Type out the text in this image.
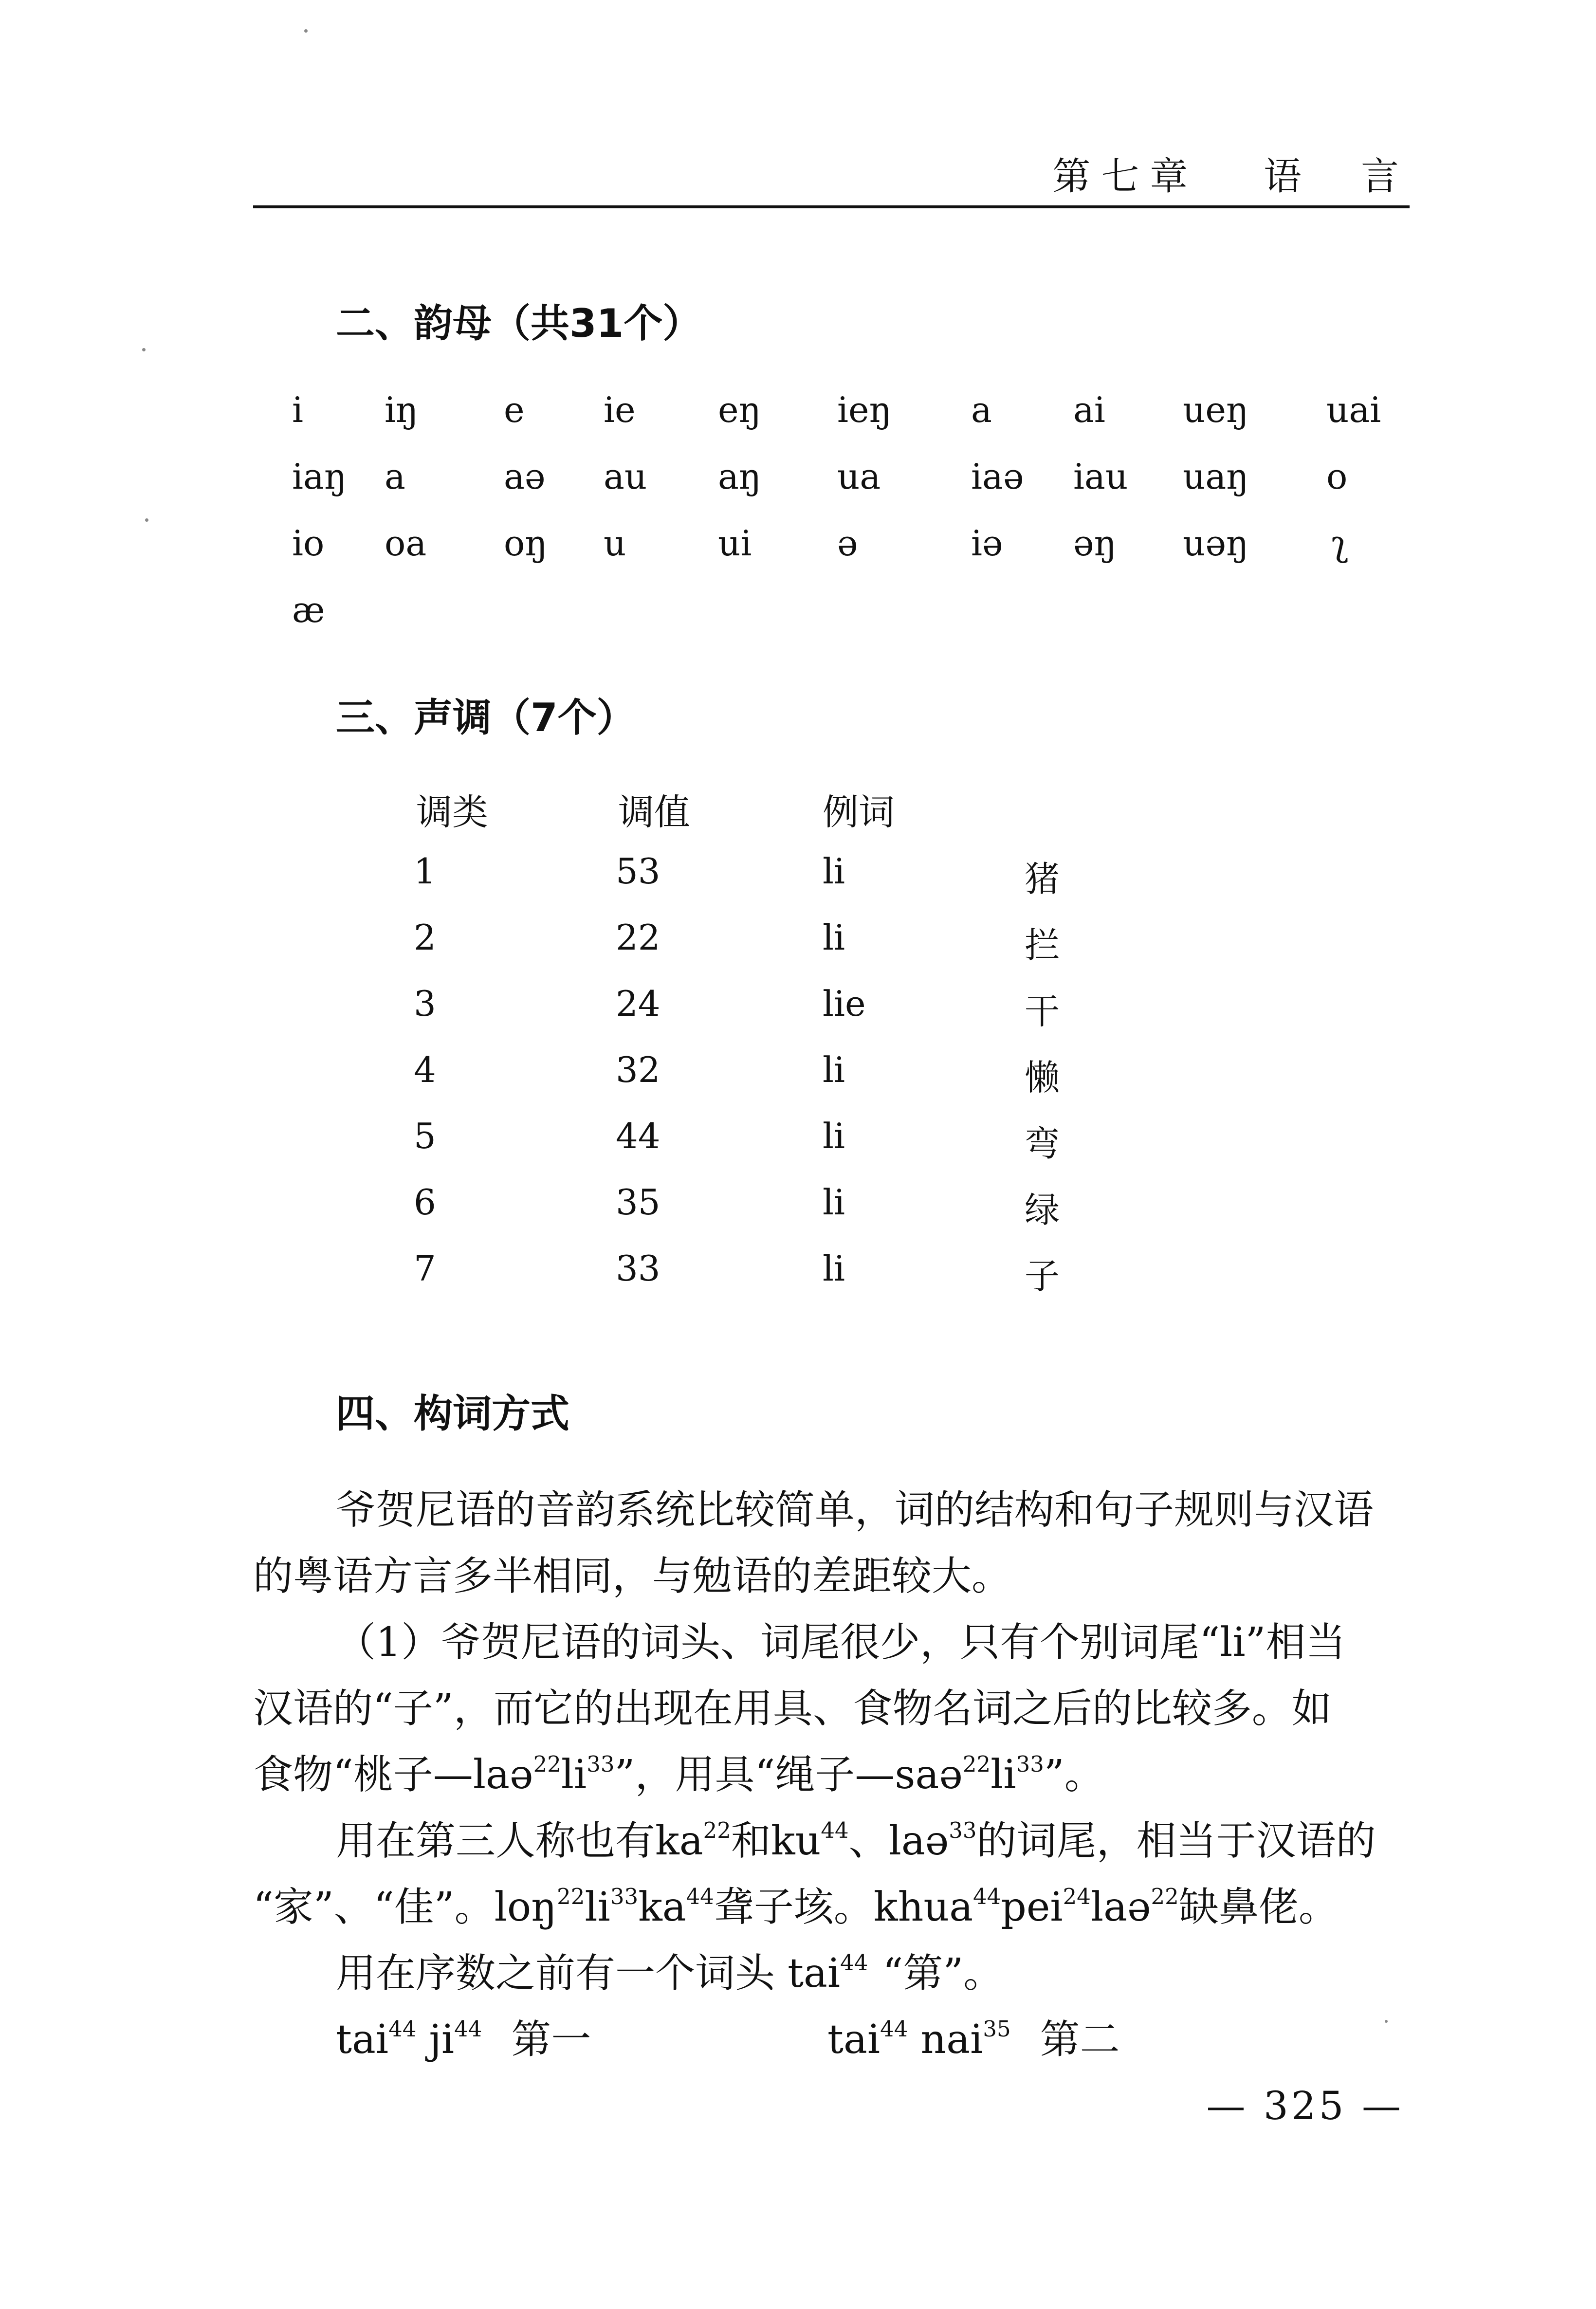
第七章 语　言
二、韵母（共31个）
i iŋ e ie eŋ ieŋ a ai ueŋ uai
iaŋ a	aə au aŋ ua	iaə iau uaŋ o
io oa oŋ u	ui ə	iə əŋ uəŋ ʅ
æ
三、声调（7个）
调类	调值	例词
1	53	li	猪
2	22	li	拦
3	24	lie	干
4	32	li	懒
5	44	li	弯
6	35	li	绿
7	33	li	子
四、构词方式
爷贺尼语的音韵系统比较简单，词的结构和句子规则与汉语
的粤语方言多半相同，与勉语的差距较大。
（1）爷贺尼语的词头、词尾很少，只有个别词尾“li”相当
汉语的“子”，而它的出现在用具、食物名词之后的比较多。如
食物“桃子$—laə^{22}li^{33}$”，用具“绳子$—saə^{22}li^{33}$”。
用在第三人称也有$ka^{22}$和$ku^{44}$、laə$^{33}$的词尾，相当于汉语的
“家”、“佳”。$loŋ^{22}li^{33}ka^{44}$聋子垓。khua$^{44}$pei$^{24}$laə$^{22}$缺鼻佬。
用在序数之前有一个词头 tai$^{44}$ “第”。
tai$^{44}$ $ji^{44}$ 第一	tai$^{44}$ nai$^{35}$ 第二
— 325 —
